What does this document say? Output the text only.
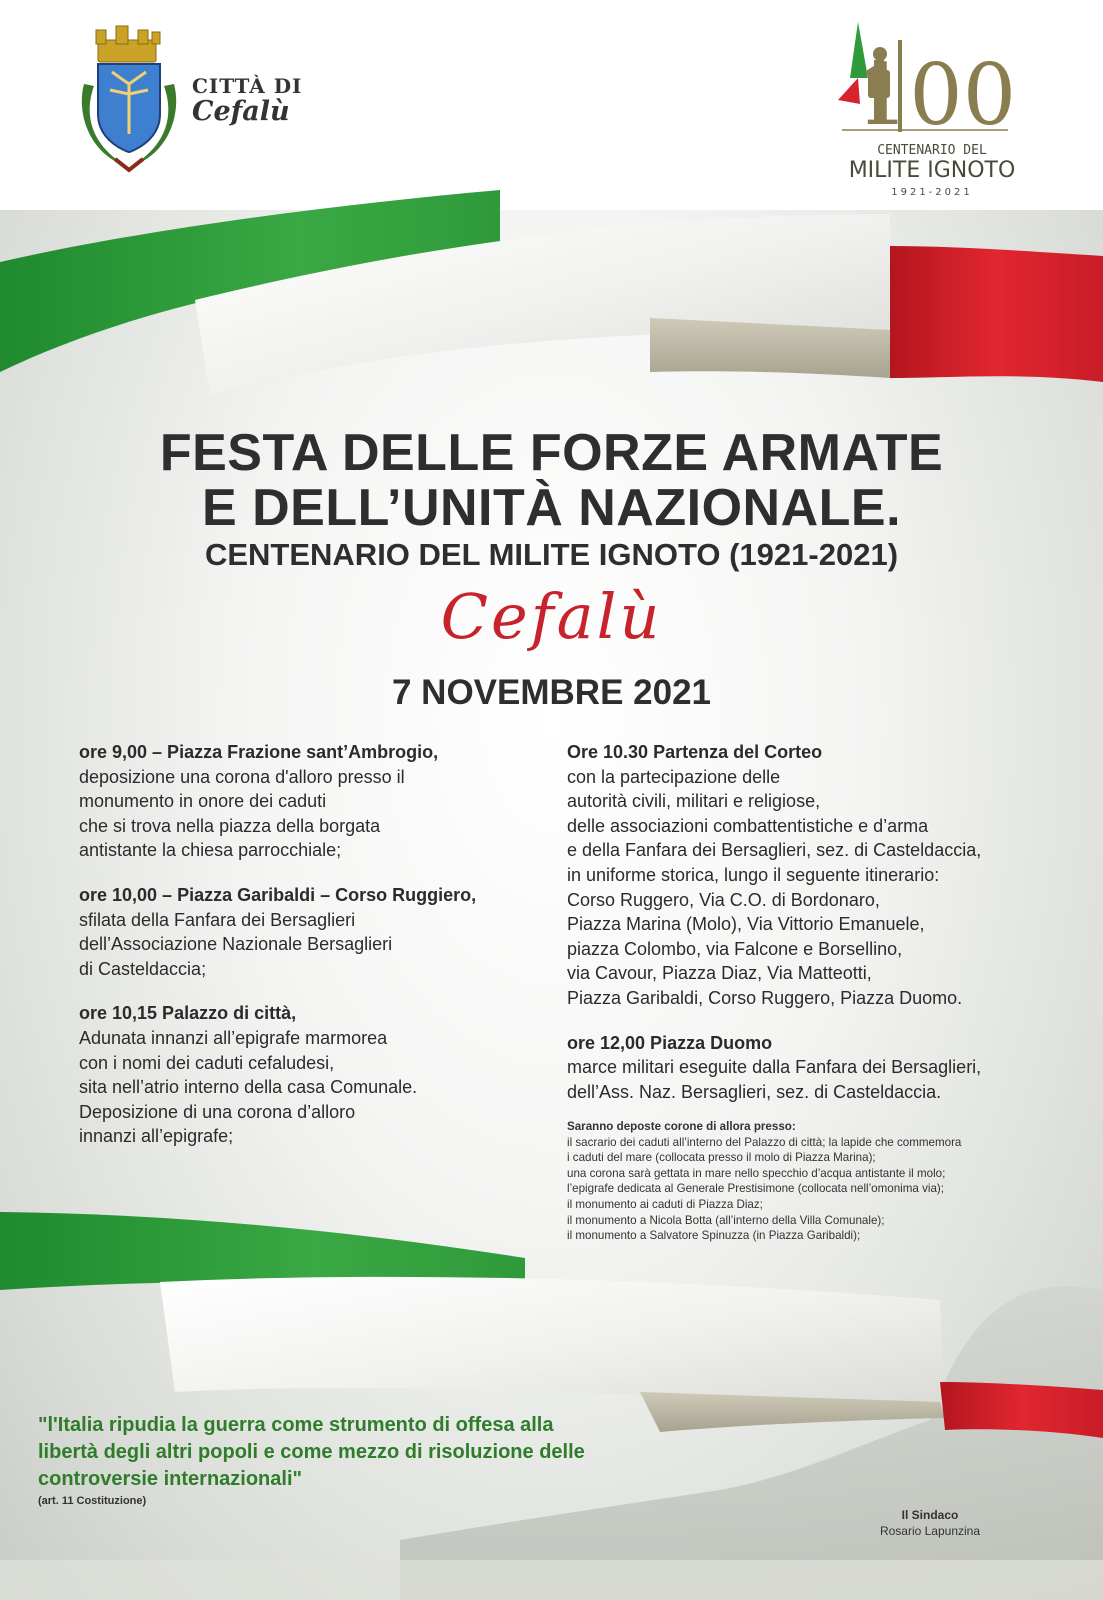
CITTÀ DI
Cefalù	100
CENTENARIO DEL
MILITE IGNOTO
1921-2021
FESTA DELLE FORZE ARMATE
E DELL’UNITÀ NAZIONALE.
CENTENARIO DEL MILITE IGNOTO (1921-2021)
Cefalù
7 NOVEMBRE 2021
ore 9,00 – Piazza Frazione sant’Ambrogio,

deposizione una corona d'alloro presso il
monumento in onore dei caduti
che si trova nella piazza della borgata
antistante la chiesa parrocchiale;

ore 10,00 – Piazza Garibaldi – Corso Ruggiero,

sfilata della Fanfara dei Bersaglieri
dell’Associazione Nazionale Bersaglieri
di Casteldaccia;

ore 10,15 Palazzo di città,

Adunata innanzi all’epigrafe marmorea
con i nomi dei caduti cefaludesi,
sita nell’atrio interno della casa Comunale.
Deposizione di una corona d’alloro
innanzi all’epigrafe;

Ore 10.30 Partenza del Corteo

con la partecipazione delle
autorità civili, militari e religiose,
delle associazioni combattentistiche e d’arma
e della Fanfara dei Bersaglieri, sez. di Casteldaccia,
in uniforme storica, lungo il seguente itinerario:
Corso Ruggero, Via C.O. di Bordonaro,
Piazza Marina (Molo), Via Vittorio Emanuele,
piazza Colombo, via Falcone e Borsellino,
via Cavour, Piazza Diaz, Via Matteotti,
Piazza Garibaldi, Corso Ruggero, Piazza Duomo.

ore 12,00 Piazza Duomo

marce militari eseguite dalla Fanfara dei Bersaglieri,
dell’Ass. Naz. Bersaglieri, sez. di Casteldaccia.

Saranno deposte corone di allora presso:
il sacrario dei caduti all’interno del Palazzo di città; la lapide che commemora
i caduti del mare (collocata presso il molo di Piazza Marina);
una corona sarà gettata in mare nello specchio d’acqua antistante il molo;
l’epigrafe dedicata al Generale Prestisimone (collocata nell’omonima via);
il monumento ai caduti di Piazza Diaz;
il monumento a Nicola Botta (all’interno della Villa Comunale);
il monumento a Salvatore Spinuzza (in Piazza Garibaldi);
"l'Italia ripudia la guerra come strumento di offesa alla libertà degli altri popoli e come mezzo di risoluzione delle controversie internazionali"
(art. 11 Costituzione)
Il Sindaco
Rosario Lapunzina
